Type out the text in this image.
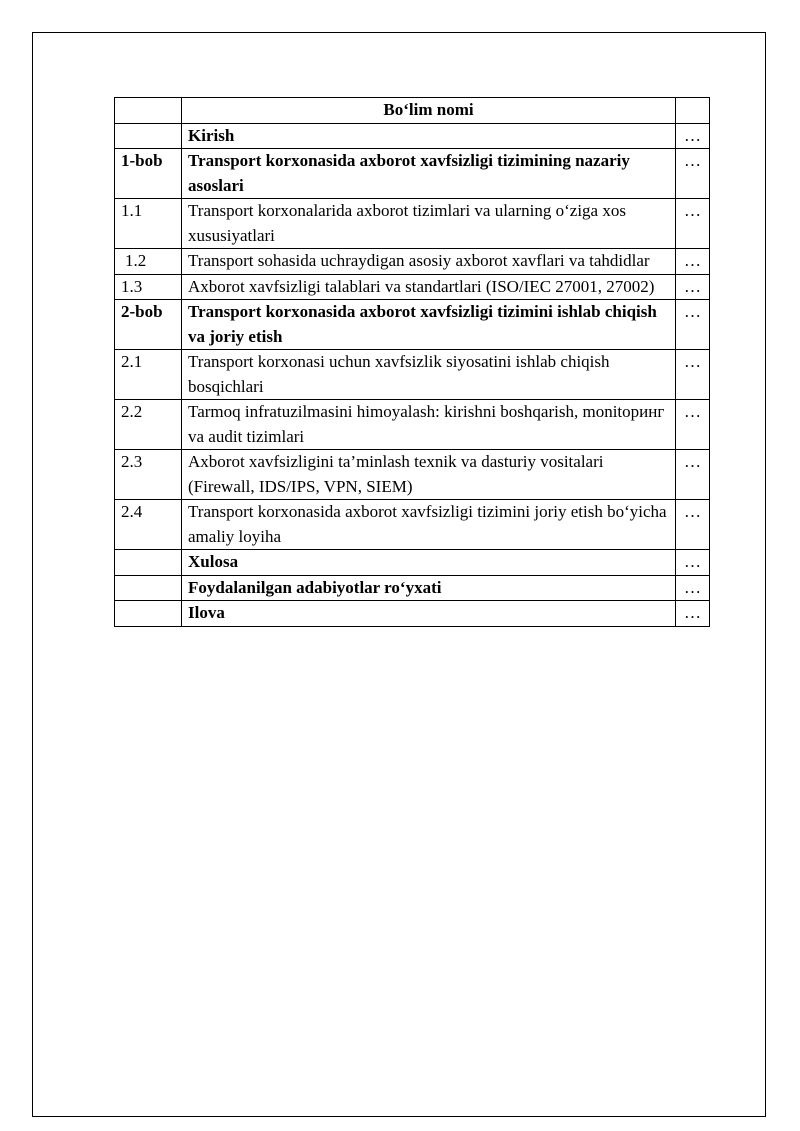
	Bo‘lim nomi	
	Kirish	…
1-bob	Transport korxonasida axborot xavfsizligi tizimining nazariy asoslari	…
1.1	Transport korxonalarida axborot tizimlari va ularning o‘ziga xos xususiyatlari	…
1.2	Transport sohasida uchraydigan asosiy axborot xavflari va tahdidlar	…
1.3	Axborot xavfsizligi talablari va standartlari (ISO/IEC 27001, 27002)	…
2-bob	Transport korxonasida axborot xavfsizligi tizimini ishlab chiqish va joriy etish	…
2.1	Transport korxonasi uchun xavfsizlik siyosatini ishlab chiqish bosqichlari	…
2.2	Tarmoq infratuzilmasini himoyalash: kirishni boshqarish, monitoринг va audit tizimlari	…
2.3	Axborot xavfsizligini ta’minlash texnik va dasturiy vositalari (Firewall, IDS/IPS, VPN, SIEM)	…
2.4	Transport korxonasida axborot xavfsizligi tizimini joriy etish bo‘yicha amaliy loyiha	…
	Xulosa	…
	Foydalanilgan adabiyotlar ro‘yxati	…
	Ilova	…
